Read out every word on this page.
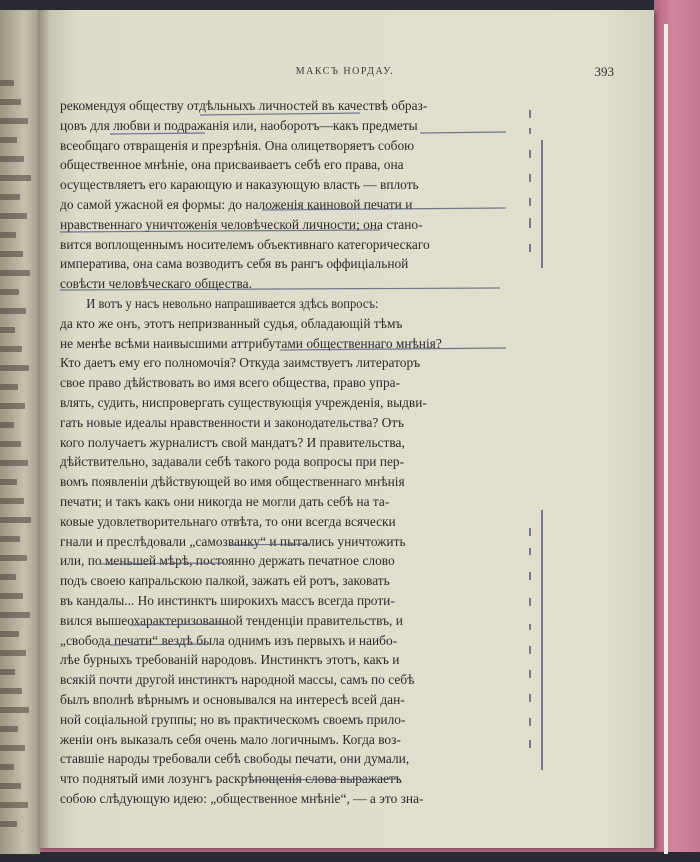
МАКСЪ НОРДАУ.	393
рекомендуя обществу отдѣльныхъ личностей въ качествѣ образ-
цовъ для любви и подражанія или, наоборотъ—какъ предметы
всеобщаго отвращенія и презрѣнія. Она олицетворяетъ собою
общественное мнѣніе, она присваиваетъ себѣ его права, она
осуществляетъ его карающую и наказующую власть — вплоть
до самой ужасной ея формы: до наложенія каиновой печати и
нравственнаго уничтоженія человѣческой личности; она стано-
вится воплощеннымъ носителемъ объективнаго категорическаго
императива, она сама возводитъ себя въ рангъ оффиціальной
совѣсти человѣческаго общества.
И вотъ у насъ невольно напрашивается здѣсь вопросъ:
да кто же онъ, этотъ непризванный судья, обладающій тѣмъ
не менѣе всѣми наивысшими аттрибутами общественнаго мнѣнія?
Кто даетъ ему его полномочія? Откуда заимствуетъ литераторъ
свое право дѣйствовать во имя всего общества, право упра-
влять, судить, ниспровергать существующія учрежденія, выдви-
гать новые идеалы нравственности и законодательства? Отъ
кого получаетъ журналистъ свой мандатъ? И правительства,
дѣйствительно, задавали себѣ такого рода вопросы при пер-
вомъ появленіи дѣйствующей во имя общественнаго мнѣнія
печати; и такъ какъ они никогда не могли дать себѣ на та-
ковые удовлетворительнаго отвѣта, то они всегда всячески
гнали и преслѣдовали „самозванку“ и пытались уничтожить
или, по меньшей мѣрѣ, постоянно держать печатное слово
подъ своею капральскою палкой, зажать ей ротъ, заковать
въ кандалы... Но инстинктъ широкихъ массъ всегда проти-
вился вышеохарактеризованной тенденціи правительствъ, и
„свобода печати“ вездѣ была однимъ изъ первыхъ и наибо-
лѣе бурныхъ требованій народовъ. Инстинктъ этотъ, какъ и
всякій почти другой инстинктъ народной массы, самъ по себѣ
былъ вполнѣ вѣрнымъ и основывался на интересѣ всей дан-
ной соціальной группы; но въ практическомъ своемъ прило-
женіи онъ выказалъ себя очень мало логичнымъ. Когда воз-
ставшіе народы требовали себѣ свободы печати, они думали,
что поднятый ими лозунгъ раскрѣпощенія слова выражаетъ
собою слѣдующую идею: „общественное мнѣніе“, — а это зна-
